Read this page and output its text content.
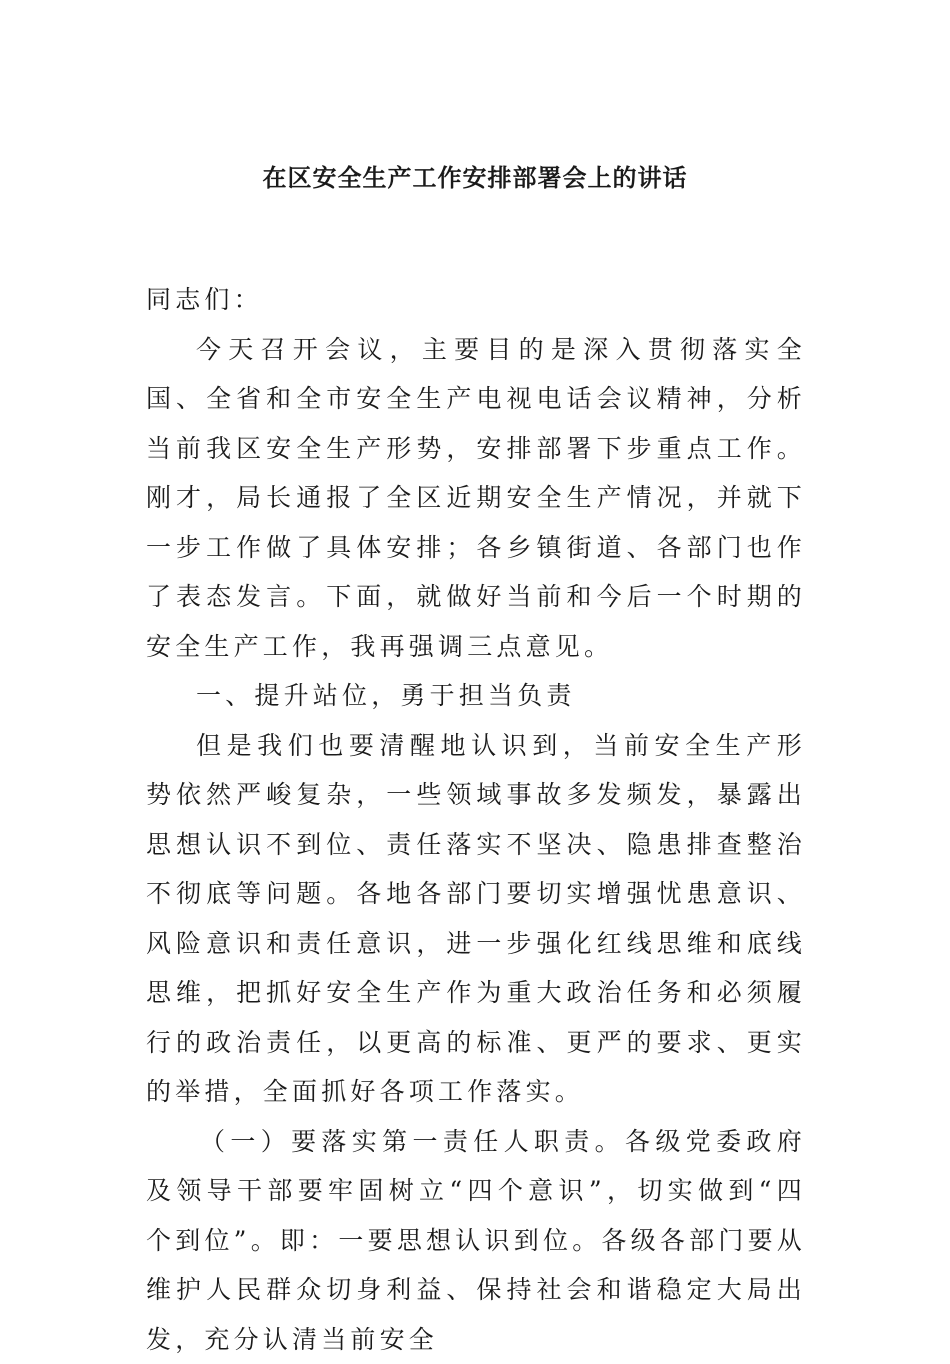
在区安全生产工作安排部署会上的讲话

同志们：

今天召开会议，主要目的是深入贯彻落实全国、全省和全市安全生产电视电话会议精神，分析当前我区安全生产形势，安排部署下步重点工作。刚才，局长通报了全区近期安全生产情况，并就下一步工作做了具体安排；各乡镇街道、各部门也作了表态发言。下面，就做好当前和今后一个时期的安全生产工作，我再强调三点意见。

一、提升站位，勇于担当负责

但是我们也要清醒地认识到，当前安全生产形势依然严峻复杂，一些领域事故多发频发，暴露出思想认识不到位、责任落实不坚决、隐患排查整治不彻底等问题。各地各部门要切实增强忧患意识、风险意识和责任意识，进一步强化红线思维和底线思维，把抓好安全生产作为重大政治任务和必须履行的政治责任，以更高的标准、更严的要求、更实的举措，全面抓好各项工作落实。

（一）要落实第一责任人职责。各级党委政府及领导干部要牢固树立“四个意识”，切实做到“四个到位”。即：一要思想认识到位。各级各部门要从维护人民群众切身利益、保持社会和谐稳定大局出发，充分认清当前安全
